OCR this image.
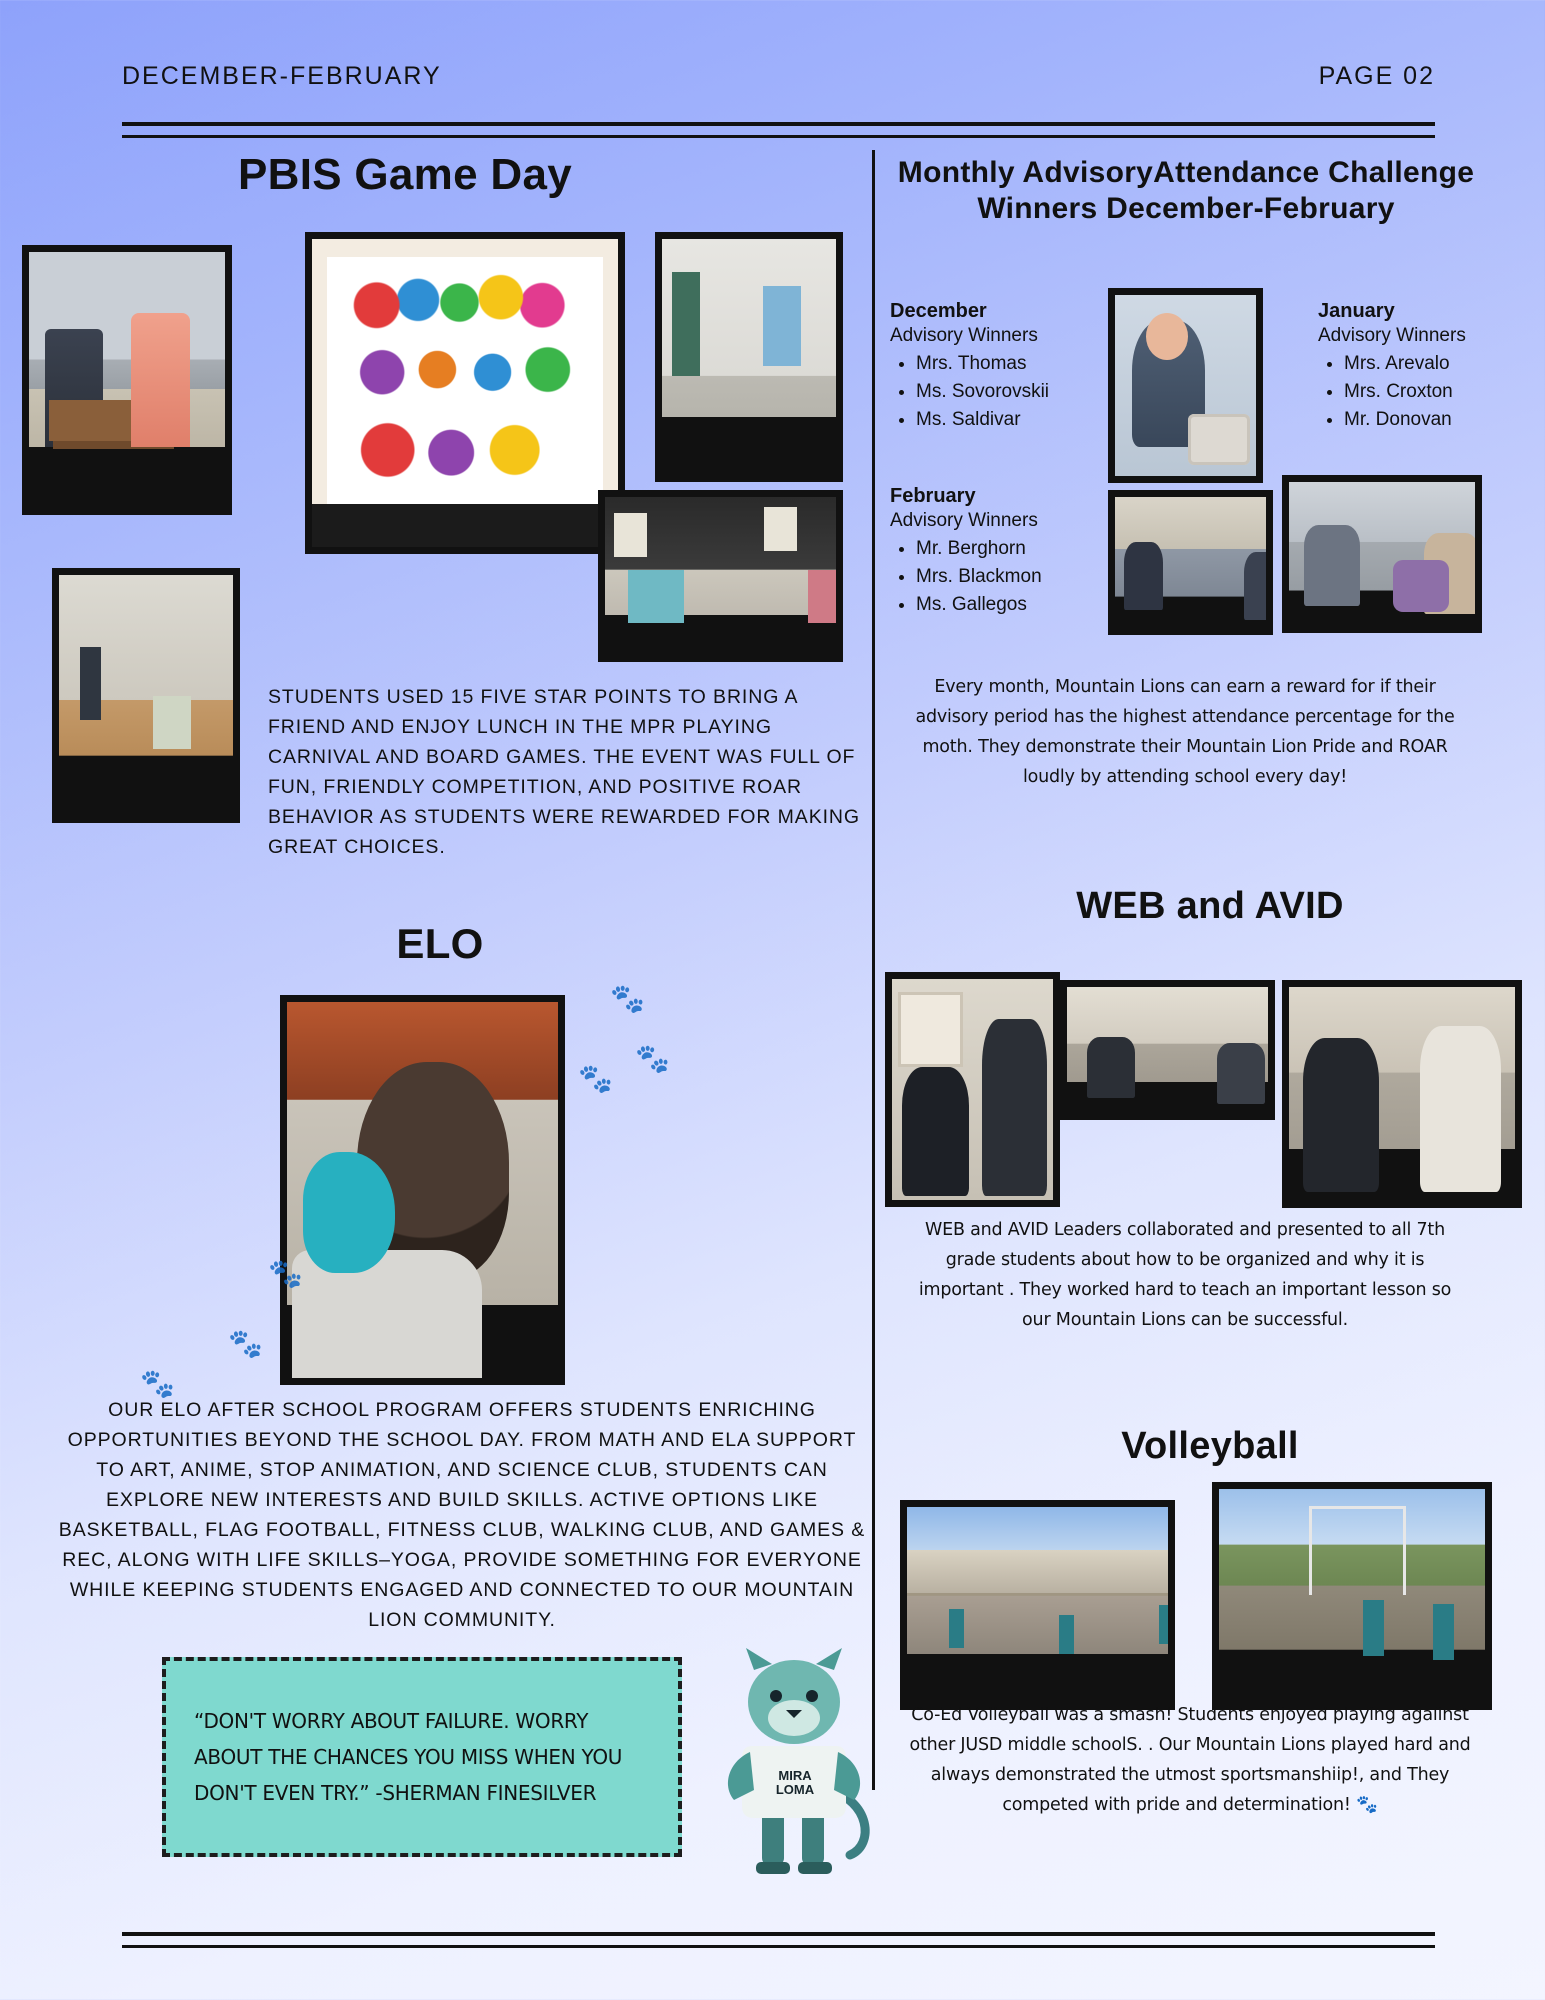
DECEMBER-FEBRUARY	PAGE 02
PBIS Game Day
STUDENTS USED 15 FIVE STAR POINTS TO BRING A FRIEND AND ENJOY LUNCH IN THE MPR PLAYING CARNIVAL AND BOARD GAMES. THE EVENT WAS FULL OF FUN, FRIENDLY COMPETITION, AND POSITIVE ROAR BEHAVIOR AS STUDENTS WERE REWARDED FOR MAKING GREAT CHOICES.
Monthly AdvisoryAttendance Challenge Winners December-February
December
Advisory Winners
• Mrs. Thomas
• Ms. Sovorovskii
• Ms. Saldivar
January
Advisory Winners
• Mrs. Arevalo
• Mrs. Croxton
• Mr. Donovan
February
Advisory Winners
• Mr. Berghorn
• Mrs. Blackmon
• Ms. Gallegos
Every month, Mountain Lions can earn a reward for if their advisory period has the highest attendance percentage for the moth. They demonstrate their Mountain Lion Pride and ROAR loudly by attending school every day!
ELO
🐾
🐾
🐾
🐾
🐾
🐾
OUR ELO AFTER SCHOOL PROGRAM OFFERS STUDENTS ENRICHING OPPORTUNITIES BEYOND THE SCHOOL DAY. FROM MATH AND ELA SUPPORT TO ART, ANIME, STOP ANIMATION, AND SCIENCE CLUB, STUDENTS CAN EXPLORE NEW INTERESTS AND BUILD SKILLS. ACTIVE OPTIONS LIKE BASKETBALL, FLAG FOOTBALL, FITNESS CLUB, WALKING CLUB, AND GAMES & REC, ALONG WITH LIFE SKILLS–YOGA, PROVIDE SOMETHING FOR EVERYONE WHILE KEEPING STUDENTS ENGAGED AND CONNECTED TO OUR MOUNTAIN LION COMMUNITY.
“DON'T WORRY ABOUT FAILURE. WORRY ABOUT THE CHANCES YOU MISS WHEN YOU DON'T EVEN TRY.” -SHERMAN FINESILVER
MIRA
LOMA
WEB and AVID
WEB and AVID Leaders collaborated and presented to all 7th grade students about how to be organized and why it is important . They worked hard to teach an important lesson so our Mountain Lions can be successful.
Volleyball
Co-Ed Volleyball was a smash! Students enjoyed playing agaiinst other JUSD middle schoolS. . Our Mountain Lions played hard and always demonstrated the utmost sportsmanshiip!, and They competed with pride and determination! 🐾
